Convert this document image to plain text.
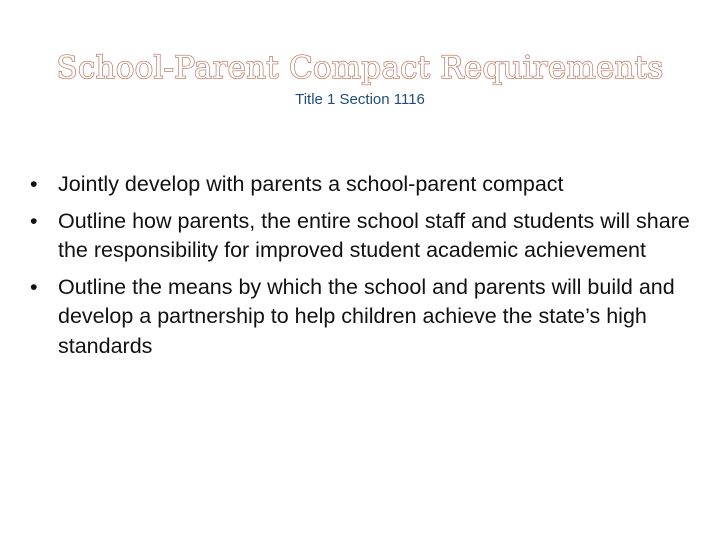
School-Parent Compact Requirements
Title 1 Section 1116
• Jointly develop with parents a school-parent compact
• Outline how parents, the entire school staff and students will share the responsibility for improved student academic achievement
• Outline the means by which the school and parents will build and develop a partnership to help children achieve the state’s high standards
